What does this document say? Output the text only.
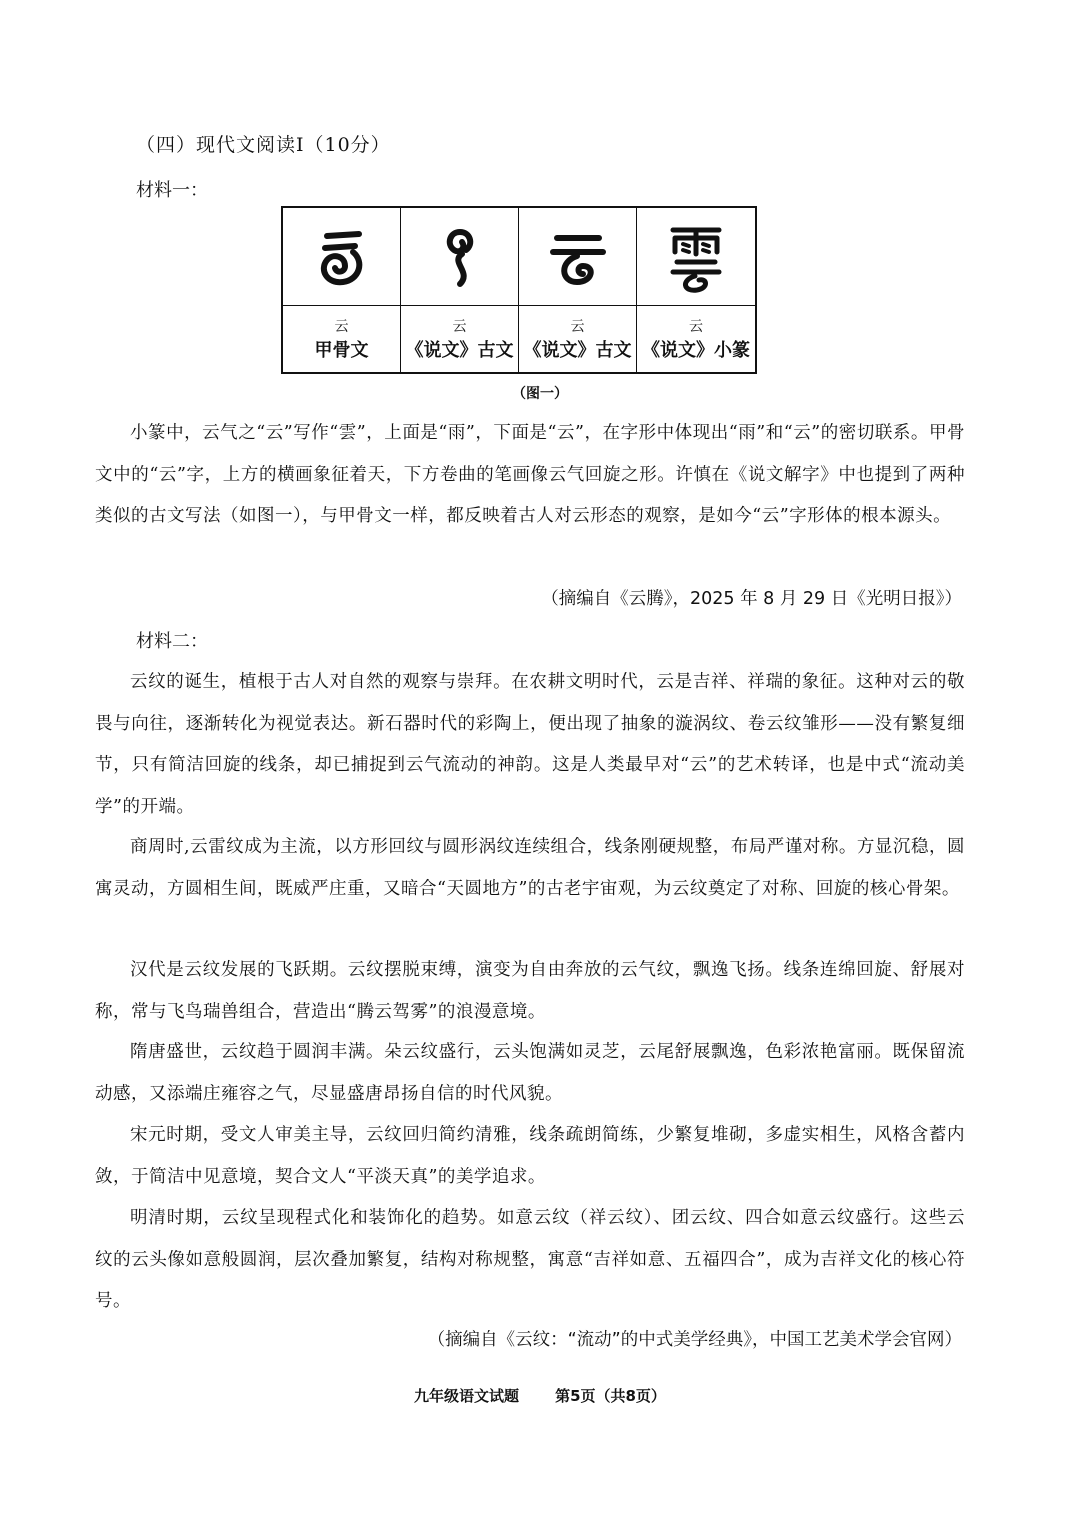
（四）现代文阅读Ⅰ（10分）
材料一：
云
甲骨文
云
《说文》古文
云
《说文》古文
云
《说文》小篆
（图一）
小篆中，云气之“云”写作“雲”，上面是“雨”，下面是“云”，在字形中体现出“雨”和“云”的密切联系。甲骨文中的“云”字，上方的横画象征着天，下方卷曲的笔画像云气回旋之形。许慎在《说文解字》中也提到了两种类似的古文写法（如图一），与甲骨文一样，都反映着古人对云形态的观察，是如今“云”字形体的根本源头。
（摘编自《云腾》，2025 年 8 月 29 日《光明日报》）
材料二：
云纹的诞生，植根于古人对自然的观察与崇拜。在农耕文明时代，云是吉祥、祥瑞的象征。这种对云的敬畏与向往，逐渐转化为视觉表达。新石器时代的彩陶上，便出现了抽象的漩涡纹、卷云纹雏形——没有繁复细节，只有简洁回旋的线条，却已捕捉到云气流动的神韵。这是人类最早对“云”的艺术转译，也是中式“流动美学”的开端。
商周时,云雷纹成为主流，以方形回纹与圆形涡纹连续组合，线条刚硬规整，布局严谨对称。方显沉稳，圆寓灵动，方圆相生间，既威严庄重，又暗合“天圆地方”的古老宇宙观，为云纹奠定了对称、回旋的核心骨架。
汉代是云纹发展的飞跃期。云纹摆脱束缚，演变为自由奔放的云气纹，飘逸飞扬。线条连绵回旋、舒展对称，常与飞鸟瑞兽组合，营造出“腾云驾雾”的浪漫意境。
隋唐盛世，云纹趋于圆润丰满。朵云纹盛行，云头饱满如灵芝，云尾舒展飘逸，色彩浓艳富丽。既保留流动感，又添端庄雍容之气，尽显盛唐昂扬自信的时代风貌。
宋元时期，受文人审美主导，云纹回归简约清雅，线条疏朗简练，少繁复堆砌，多虚实相生，风格含蓄内敛，于简洁中见意境，契合文人“平淡天真”的美学追求。
明清时期，云纹呈现程式化和装饰化的趋势。如意云纹（祥云纹）、团云纹、四合如意云纹盛行。这些云纹的云头像如意般圆润，层次叠加繁复，结构对称规整，寓意“吉祥如意、五福四合”，成为吉祥文化的核心符号。
（摘编自《云纹：“流动”的中式美学经典》，中国工艺美术学会官网）
九年级语文试题 第5页（共8页）
